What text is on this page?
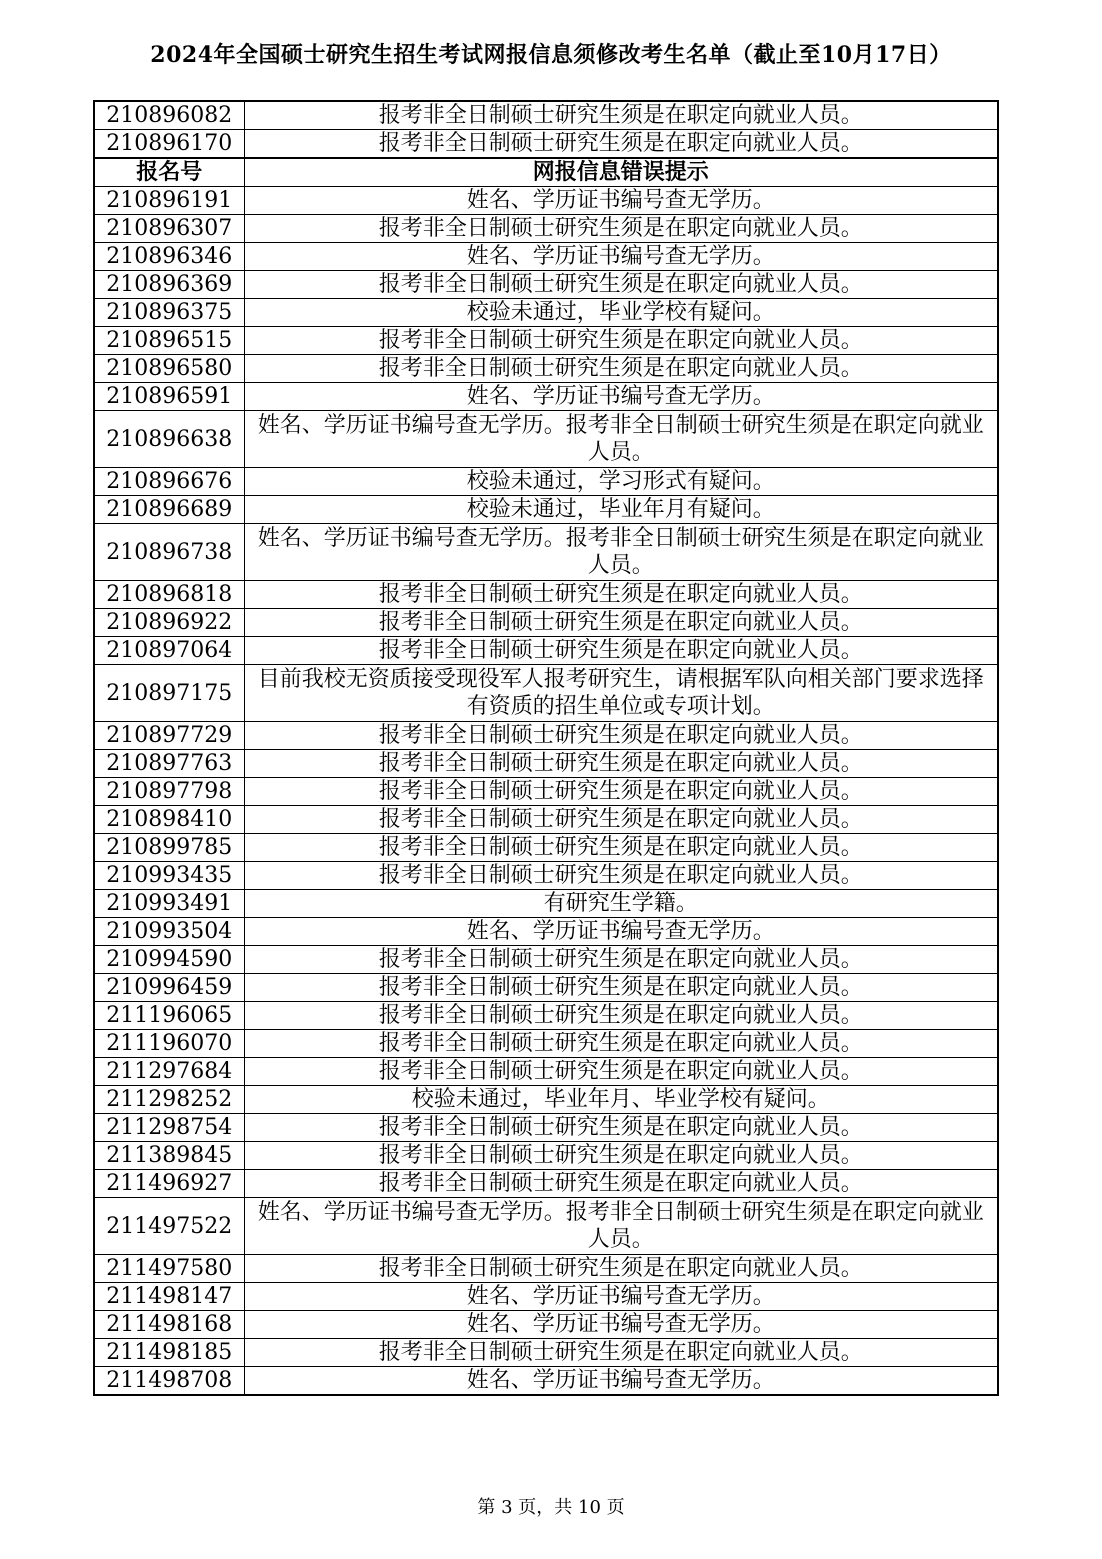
2024年全国硕士研究生招生考试网报信息须修改考生名单（截止至10月17日）
210896082	报考非全日制硕士研究生须是在职定向就业人员。
210896170	报考非全日制硕士研究生须是在职定向就业人员。
报名号	网报信息错误提示
210896191	姓名、学历证书编号查无学历。
210896307	报考非全日制硕士研究生须是在职定向就业人员。
210896346	姓名、学历证书编号查无学历。
210896369	报考非全日制硕士研究生须是在职定向就业人员。
210896375	校验未通过，毕业学校有疑问。
210896515	报考非全日制硕士研究生须是在职定向就业人员。
210896580	报考非全日制硕士研究生须是在职定向就业人员。
210896591	姓名、学历证书编号查无学历。
210896638	姓名、学历证书编号查无学历。报考非全日制硕士研究生须是在职定向就业人员。
210896676	校验未通过，学习形式有疑问。
210896689	校验未通过，毕业年月有疑问。
210896738	姓名、学历证书编号查无学历。报考非全日制硕士研究生须是在职定向就业人员。
210896818	报考非全日制硕士研究生须是在职定向就业人员。
210896922	报考非全日制硕士研究生须是在职定向就业人员。
210897064	报考非全日制硕士研究生须是在职定向就业人员。
210897175	目前我校无资质接受现役军人报考研究生，请根据军队向相关部门要求选择有资质的招生单位或专项计划。
210897729	报考非全日制硕士研究生须是在职定向就业人员。
210897763	报考非全日制硕士研究生须是在职定向就业人员。
210897798	报考非全日制硕士研究生须是在职定向就业人员。
210898410	报考非全日制硕士研究生须是在职定向就业人员。
210899785	报考非全日制硕士研究生须是在职定向就业人员。
210993435	报考非全日制硕士研究生须是在职定向就业人员。
210993491	有研究生学籍。
210993504	姓名、学历证书编号查无学历。
210994590	报考非全日制硕士研究生须是在职定向就业人员。
210996459	报考非全日制硕士研究生须是在职定向就业人员。
211196065	报考非全日制硕士研究生须是在职定向就业人员。
211196070	报考非全日制硕士研究生须是在职定向就业人员。
211297684	报考非全日制硕士研究生须是在职定向就业人员。
211298252	校验未通过，毕业年月、毕业学校有疑问。
211298754	报考非全日制硕士研究生须是在职定向就业人员。
211389845	报考非全日制硕士研究生须是在职定向就业人员。
211496927	报考非全日制硕士研究生须是在职定向就业人员。
211497522	姓名、学历证书编号查无学历。报考非全日制硕士研究生须是在职定向就业人员。
211497580	报考非全日制硕士研究生须是在职定向就业人员。
211498147	姓名、学历证书编号查无学历。
211498168	姓名、学历证书编号查无学历。
211498185	报考非全日制硕士研究生须是在职定向就业人员。
211498708	姓名、学历证书编号查无学历。
第 3 页，共 10 页
